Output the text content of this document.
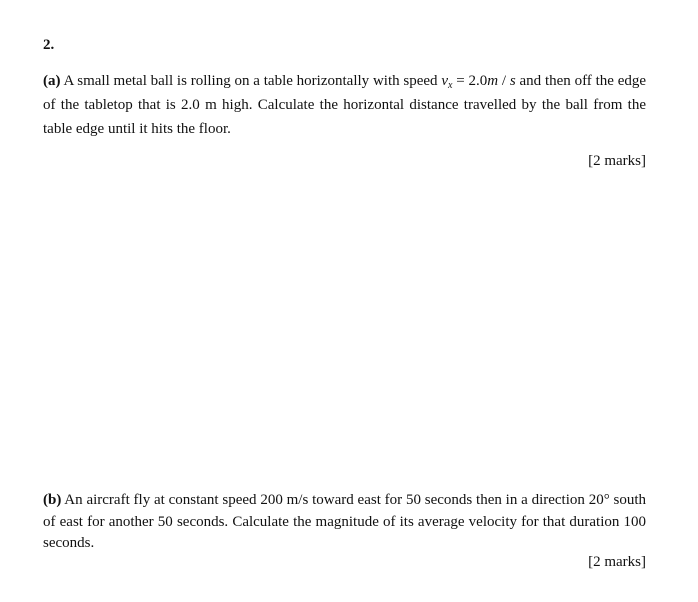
2.
(a) A small metal ball is rolling on a table horizontally with speed $v_x = 2.0m / s$ and then off the edge of the tabletop that is 2.0 m high. Calculate the horizontal distance travelled by the ball from the table edge until it hits the floor.
[2 marks]
(b) An aircraft fly at constant speed 200 m/s toward east for 50 seconds then in a direction 20° south of east for another 50 seconds. Calculate the magnitude of its average velocity for that duration 100 seconds.
[2 marks]
